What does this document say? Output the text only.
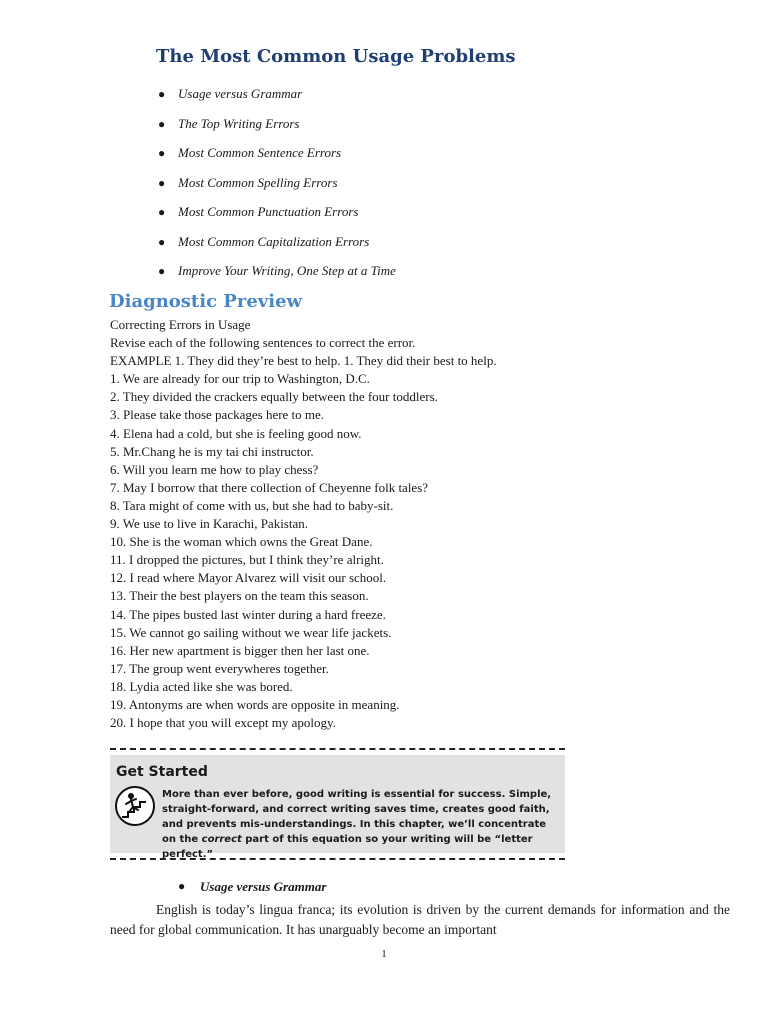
The Most Common Usage Problems
● Usage versus Grammar
● The Top Writing Errors
● Most Common Sentence Errors
● Most Common Spelling Errors
● Most Common Punctuation Errors
● Most Common Capitalization Errors
● Improve Your Writing, One Step at a Time
Diagnostic Preview
Correcting Errors in Usage
Revise each of the following sentences to correct the error.
EXAMPLE 1. They did they’re best to help. 1. They did their best to help.
1. We are already for our trip to Washington, D.C.
2. They divided the crackers equally between the four toddlers.
3. Please take those packages here to me.
4. Elena had a cold, but she is feeling good now.
5. Mr.Chang he is my tai chi instructor.
6. Will you learn me how to play chess?
7. May I borrow that there collection of Cheyenne folk tales?
8. Tara might of come with us, but she had to baby-sit.
9. We use to live in Karachi, Pakistan.
10. She is the woman which owns the Great Dane.
11. I dropped the pictures, but I think they’re alright.
12. I read where Mayor Alvarez will visit our school.
13. Their the best players on the team this season.
14. The pipes busted last winter during a hard freeze.
15. We cannot go sailing without we wear life jackets.
16. Her new apartment is bigger then her last one.
17. The group went everywheres together.
18. Lydia acted like she was bored.
19. Antonyms are when words are opposite in meaning.
20. I hope that you will except my apology.
Get Started
More than ever before, good writing is essential for success. Simple, straight-forward, and correct writing saves time, creates good faith, and prevents mis-understandings. In this chapter, we’ll concentrate on the correct part of this equation so your writing will be “letter perfect.”
● Usage versus Grammar

English is today’s lingua franca; its evolution is driven by the current demands for information and the need for global communication. It has unarguably become an important

1
